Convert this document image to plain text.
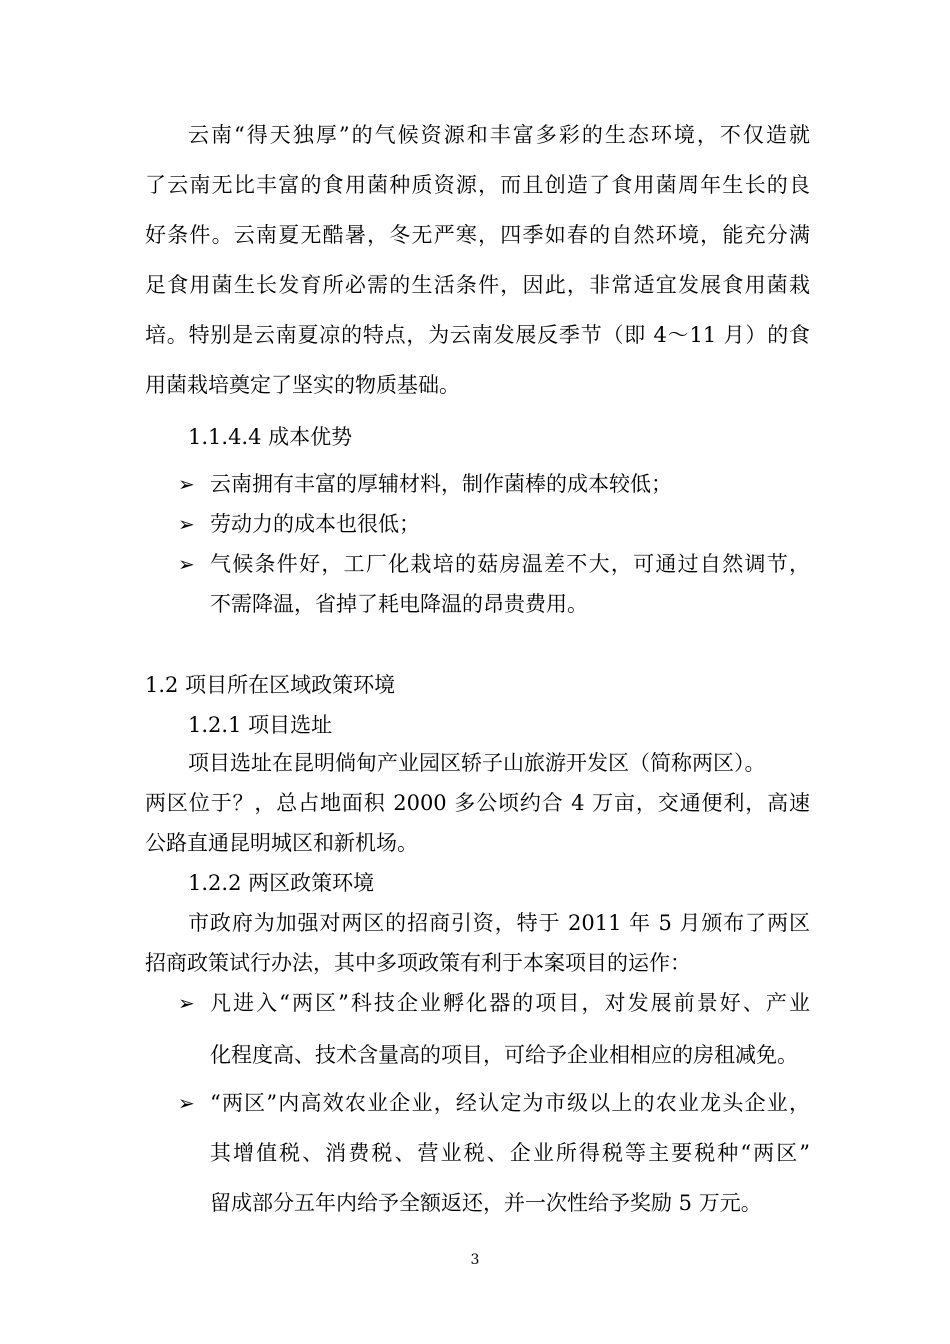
云南“得天独厚”的气候资源和丰富多彩的生态环境，不仅造就
了云南无比丰富的食用菌种质资源，而且创造了食用菌周年生长的良
好条件。云南夏无酷暑，冬无严寒，四季如春的自然环境，能充分满
足食用菌生长发育所必需的生活条件，因此，非常适宜发展食用菌栽
培。特别是云南夏凉的特点，为云南发展反季节（即 4～11 月）的食
用菌栽培奠定了坚实的物质基础。
1.1.4.4 成本优势
➢ 云南拥有丰富的厚辅材料，制作菌棒的成本较低；
➢ 劳动力的成本也很低；
➢ 气候条件好，工厂化栽培的菇房温差不大，可通过自然调节，
不需降温，省掉了耗电降温的昂贵费用。
1.2 项目所在区域政策环境
1.2.1 项目选址
项目选址在昆明倘甸产业园区轿子山旅游开发区（简称两区）。
两区位于？，总占地面积 2000 多公顷约合 4 万亩，交通便利，高速
公路直通昆明城区和新机场。
1.2.2 两区政策环境
市政府为加强对两区的招商引资，特于 2011 年 5 月颁布了两区
招商政策试行办法，其中多项政策有利于本案项目的运作：
➢ 凡进入“两区”科技企业孵化器的项目，对发展前景好、产业
化程度高、技术含量高的项目，可给予企业相相应的房租减免。
➢ “两区”内高效农业企业，经认定为市级以上的农业龙头企业，
其增值税、消费税、营业税、企业所得税等主要税种“两区”
留成部分五年内给予全额返还，并一次性给予奖励 5 万元。
3
